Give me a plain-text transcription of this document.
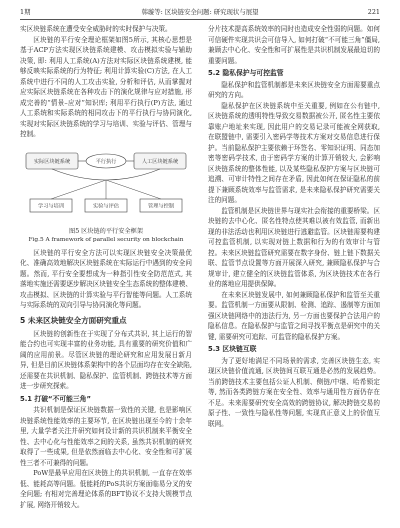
1期	韩璇等: 区块链安全问题: 研究现状与展望	221

实区块链系统在遭受安全威胁时的实时保护与决策。

区块链的平行安全理论框架如图5所示, 其核心思想是基于ACP方法实现区块链系统建模、攻击模拟实验与辅助决策, 即: 利用人工系统(A)方法对实际区块链系统建模, 能够反映实际系统的行为特征; 利用计算实验(C)方法, 在人工系统中进行不同的人工攻击实验, 分析和评估, 从而掌握对应实际区块链系统在各种攻击下的演化规律与应对措施, 形成完善的“情景–应对”知识库; 利用平行执行(P)方法, 通过人工系统和实际系统的相同攻击下的平行执行与协同演化, 实现对实际区块链系统的学习与培训、实验与评估、管理与控制。

实际区块链系统	人工区块链系统
平行执行
学习与培训	实验与评估	管理与控制
图5 区块链的平行安全框架
Fig.5 A framework of parallel security on blockchain

区块链的平行安全方法可以实现区块链安全决策最优化、准确高效地解决区块链系统在实际运行中遇到的安全问题。然而, 平行安全要想成为一种指引性安全防范范式, 其落地实施还需要逐步解决区块链安全生态系统的整体建模、攻击模拟、区块链的计算实验与平行智能等问题。人工系统与实际系统的双向引导与协同演化等问题。

5 未来区块链安全方面研究重点

区块链的创新性在于实现了分布式共识, 其上运行的智能合约也可实现丰富的业务功能, 具有重要的研究价值和广阔的应用前景。尽管区块链的理论研究和应用发展日新月异, 但是目前区块链体系架构中的各个层面均存在安全缺陷, 还需要在共识机制、隐私保护、监管机制、跨链技术等方面进一步研究探索。

5.1 打破“不可能三角”

共识机制是保证区块链数据一致性的关键, 也是影响区块链系统性能效率的主要环节, 在区块链出现至今的十余年里, 大量学者关注并研究如何设计新的共识机制来平衡安全性、去中心化与性能效率之间的关系, 虽然共识机制的研究取得了一些成果, 但是依然面临去中心化、安全性和可扩展性三者不可兼得的问题。

PoW是最早应用在区块链上的共识机制, 一直存在效率低、能耗高等问题。低能耗的PoS共识方案面临易分叉的安全问题; 有相对完善理论体系的BFT协议不支持大规模节点扩展, 网络开销较大。

分片技术提高系统效率的同时也造成安全性弱的问题。如何可信硬件实现共识会可信导入, 如何打破“不可能三角”僵局, 兼顾去中心化、安全性和可扩展性是共识机制发展最迫切的重要问题。

5.2 隐私保护与可控监管

隐私保护和监管机制都是未来区块链安全方面需要重点研究的方向。

隐私保护在区块链系统中至关重要, 例如在公有链中, 区块链系统的透明特性导致交易数据被公开, 匿名性主要依靠账户地址来实现, 因此用户的交易记录可能被全网获取, 在联盟链中, 需要引入密码学等技术方案对交易信息进行保护。当前隐私保护主要依赖于环签名、零知识证明、同态加密等密码学技术, 由于密码学方案的计算开销较大, 会影响区块链系统的整体性能, 以及某些隐私保护方案与区块链可追溯、可审计特性之间存在矛盾, 因此如何在保证隐私的前提下兼顾系统效率与监管需求, 是未来隐私保护研究需要关注的问题。

监管机制是区块链世界与现实社会衔接的重要桥梁。区块链的去中心化、匿名性特点使其难以被有效监管, 而新出现的非法活动也利用区块链进行逃避监管。区块链需要构建可控监管机制, 以实现对链上数据和行为的有效审计与管控。未来区块链监管研究需要在数字身份、链上链下数据关联、监管节点设置等方面开展深入研究, 兼顾隐私保护与合规审计, 建立健全的区块链监管体系, 为区块链技术在各行业的落地应用提供保障。

在未来区块链发展中, 如何兼顾隐私保护和监管至关重要。监管机制一方面要从限制、检测、追踪、遏制等方面加强区块链网络中的违法行为, 另一方面也要保护合法用户的隐私信息。在隐私保护与监管之间寻找平衡点是研究中的关键, 需要研究可追踪、可监管的隐私保护方案。

5.3 区块链互联

为了更好地满足不同场景的需求, 完善区块链生态, 实现区块链价值流通, 区块链间互联互通是必然的发展趋势。当前跨链技术主要包括公证人机制、侧链/中继、哈希锁定等, 然而各类跨链方案在安全性、效率与通用性方面仍存在不足。未来需要研究安全高效的跨链协议, 解决跨链交易的原子性、一致性与隐私性等问题, 实现真正意义上的价值互联网。
